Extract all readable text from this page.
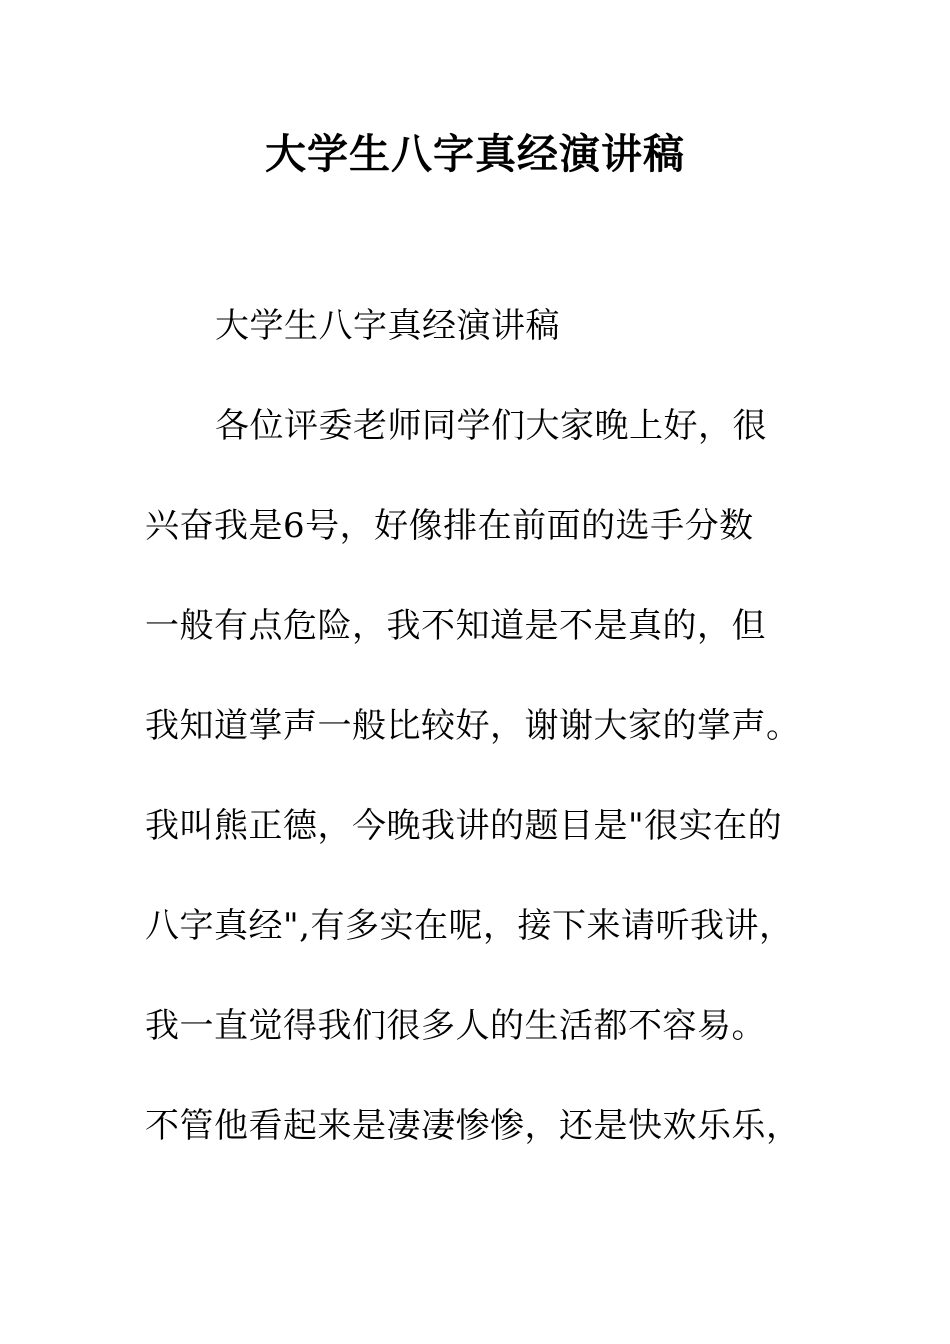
大学生八字真经演讲稿
大学生八字真经演讲稿
各位评委老师同学们大家晚上好，很
兴奋我是6号，好像排在前面的选手分数
一般有点危险，我不知道是不是真的，但
我知道掌声一般比较好，谢谢大家的掌声。
我叫熊正德，今晚我讲的题目是"很实在的
八字真经",有多实在呢，接下来请听我讲，
我一直觉得我们很多人的生活都不容易。
不管他看起来是凄凄惨惨，还是快欢乐乐，
